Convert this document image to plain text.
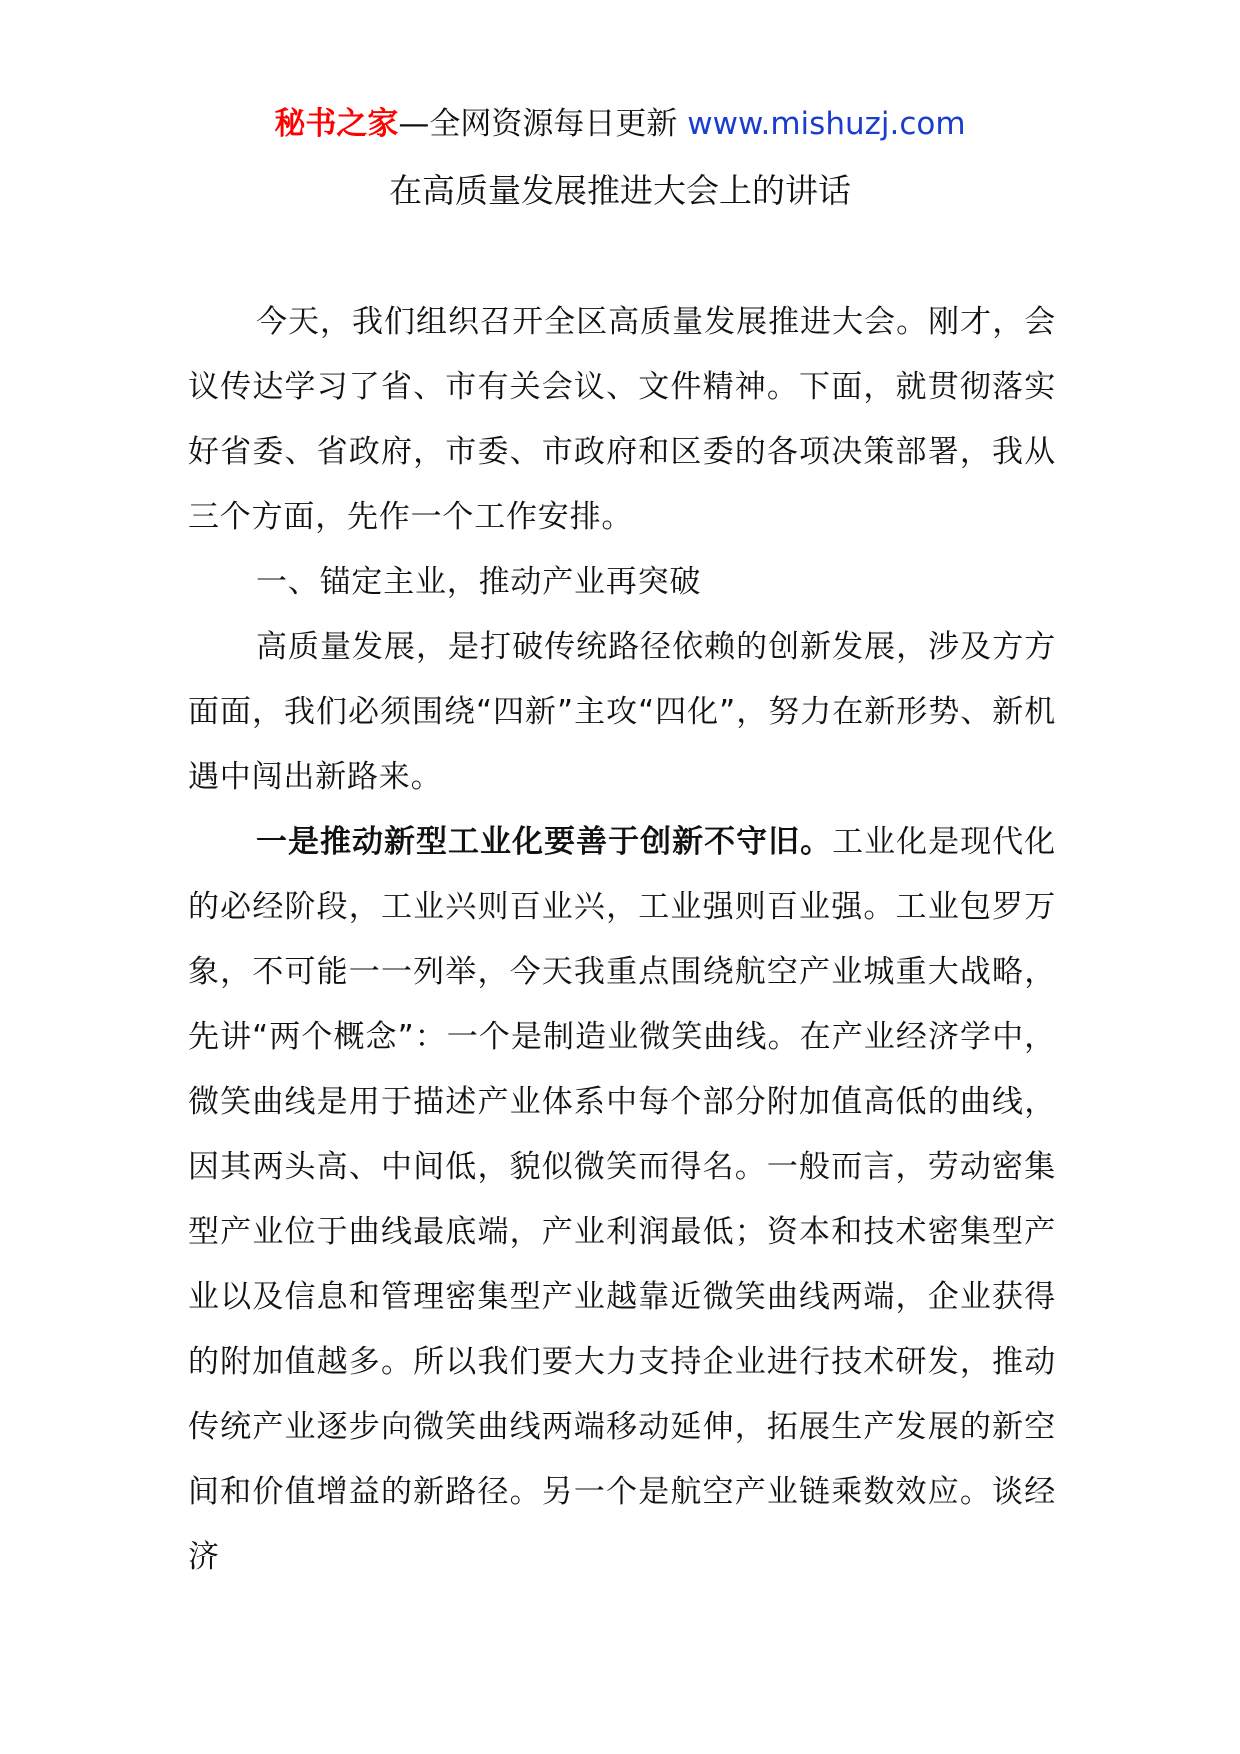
秘书之家—全网资源每日更新 www.mishuzj.com
在高质量发展推进大会上的讲话

今天，我们组织召开全区高质量发展推进大会。刚才，会议传达学习了省、市有关会议、文件精神。下面，就贯彻落实好省委、省政府，市委、市政府和区委的各项决策部署，我从三个方面，先作一个工作安排。

一、锚定主业，推动产业再突破

高质量发展，是打破传统路径依赖的创新发展，涉及方方面面，我们必须围绕“四新”主攻“四化”，努力在新形势、新机遇中闯出新路来。

一是推动新型工业化要善于创新不守旧。工业化是现代化的必经阶段，工业兴则百业兴，工业强则百业强。工业包罗万象，不可能一一列举，今天我重点围绕航空产业城重大战略，先讲“两个概念”：一个是制造业微笑曲线。在产业经济学中，微笑曲线是用于描述产业体系中每个部分附加值高低的曲线，因其两头高、中间低，貌似微笑而得名。一般而言，劳动密集型产业位于曲线最底端，产业利润最低；资本和技术密集型产业以及信息和管理密集型产业越靠近微笑曲线两端，企业获得的附加值越多。所以我们要大力支持企业进行技术研发，推动传统产业逐步向微笑曲线两端移动延伸，拓展生产发展的新空间和价值增益的新路径。另一个是航空产业链乘数效应。谈经济
